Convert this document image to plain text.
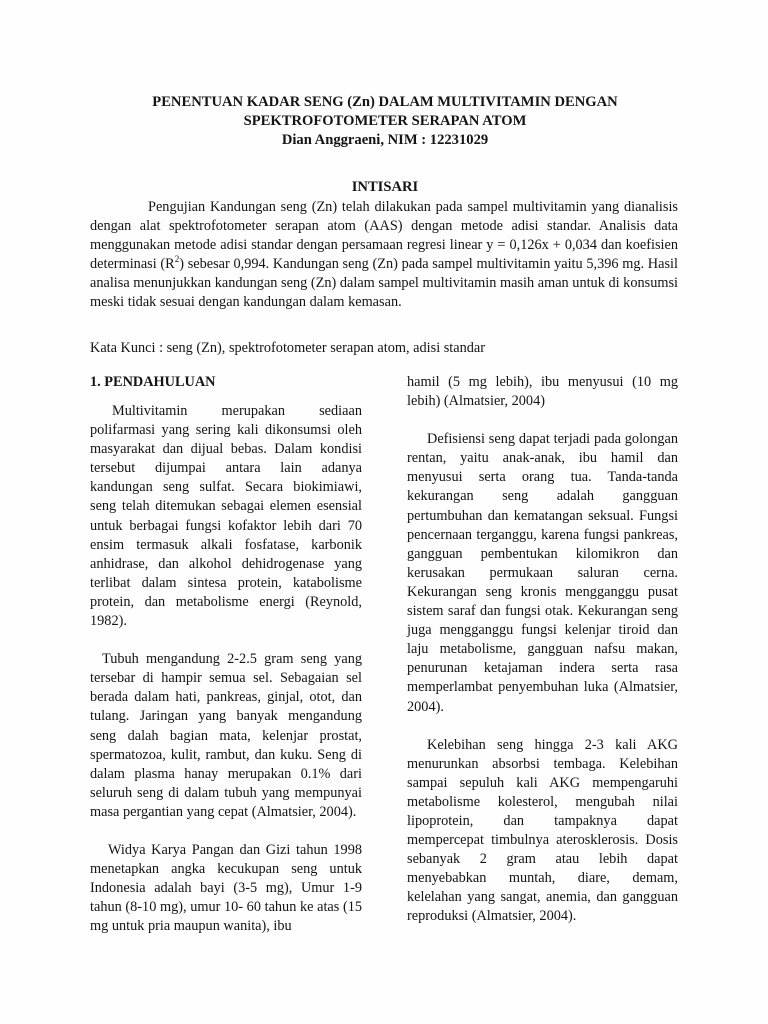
PENENTUAN KADAR SENG (Zn) DALAM MULTIVITAMIN DENGAN
SPEKTROFOTOMETER SERAPAN ATOM
Dian Anggraeni, NIM : 12231029
INTISARI
Pengujian Kandungan seng (Zn) telah dilakukan pada sampel multivitamin yang dianalisis dengan alat spektrofotometer serapan atom (AAS) dengan metode adisi standar. Analisis data menggunakan metode adisi standar dengan persamaan regresi linear y = 0,126x + 0,034 dan koefisien determinasi $(R^2)$ sebesar 0,994. Kandungan seng (Zn) pada sampel multivitamin yaitu 5,396 mg. Hasil analisa menunjukkan kandungan seng (Zn) dalam sampel multivitamin masih aman untuk di konsumsi meski tidak sesuai dengan kandungan dalam kemasan.
Kata Kunci : seng (Zn), spektrofotometer serapan atom, adisi standar
1. PENDAHULUAN

Multivitamin merupakan sediaan polifarmasi yang sering kali dikonsumsi oleh masyarakat dan dijual bebas. Dalam kondisi tersebut dijumpai antara lain adanya kandungan seng sulfat. Secara biokimiawi, seng telah ditemukan sebagai elemen esensial untuk berbagai fungsi kofaktor lebih dari 70 ensim termasuk alkali fosfatase, karbonik anhidrase, dan alkohol dehidrogenase yang terlibat dalam sintesa protein, katabolisme protein, dan metabolisme energi (Reynold, 1982).

Tubuh mengandung 2-2.5 gram seng yang tersebar di hampir semua sel. Sebagaian sel berada dalam hati, pankreas, ginjal, otot, dan tulang. Jaringan yang banyak mengandung seng dalah bagian mata, kelenjar prostat, spermatozoa, kulit, rambut, dan kuku. Seng di dalam plasma hanay merupakan 0.1% dari seluruh seng di dalam tubuh yang mempunyai masa pergantian yang cepat (Almatsier, 2004).

Widya Karya Pangan dan Gizi tahun 1998 menetapkan angka kecukupan seng untuk Indonesia adalah bayi (3-5 mg), Umur 1-9 tahun (8-10 mg), umur 10- 60 tahun ke atas (15 mg untuk pria maupun wanita), ibu

hamil (5 mg lebih), ibu menyusui (10 mg lebih) (Almatsier, 2004)

Defisiensi seng dapat terjadi pada golongan rentan, yaitu anak-anak, ibu hamil dan menyusui serta orang tua. Tanda-tanda kekurangan seng adalah gangguan pertumbuhan dan kematangan seksual. Fungsi pencernaan terganggu, karena fungsi pankreas, gangguan pembentukan kilomikron dan kerusakan permukaan saluran cerna. Kekurangan seng kronis mengganggu pusat sistem saraf dan fungsi otak. Kekurangan seng juga mengganggu fungsi kelenjar tiroid dan laju metabolisme, gangguan nafsu makan, penurunan ketajaman indera serta rasa memperlambat penyembuhan luka (Almatsier, 2004).

Kelebihan seng hingga 2-3 kali AKG menurunkan absorbsi tembaga. Kelebihan sampai sepuluh kali AKG mempengaruhi metabolisme kolesterol, mengubah nilai lipoprotein, dan tampaknya dapat mempercepat timbulnya aterosklerosis. Dosis sebanyak 2 gram atau lebih dapat menyebabkan muntah, diare, demam, kelelahan yang sangat, anemia, dan gangguan reproduksi (Almatsier, 2004).
